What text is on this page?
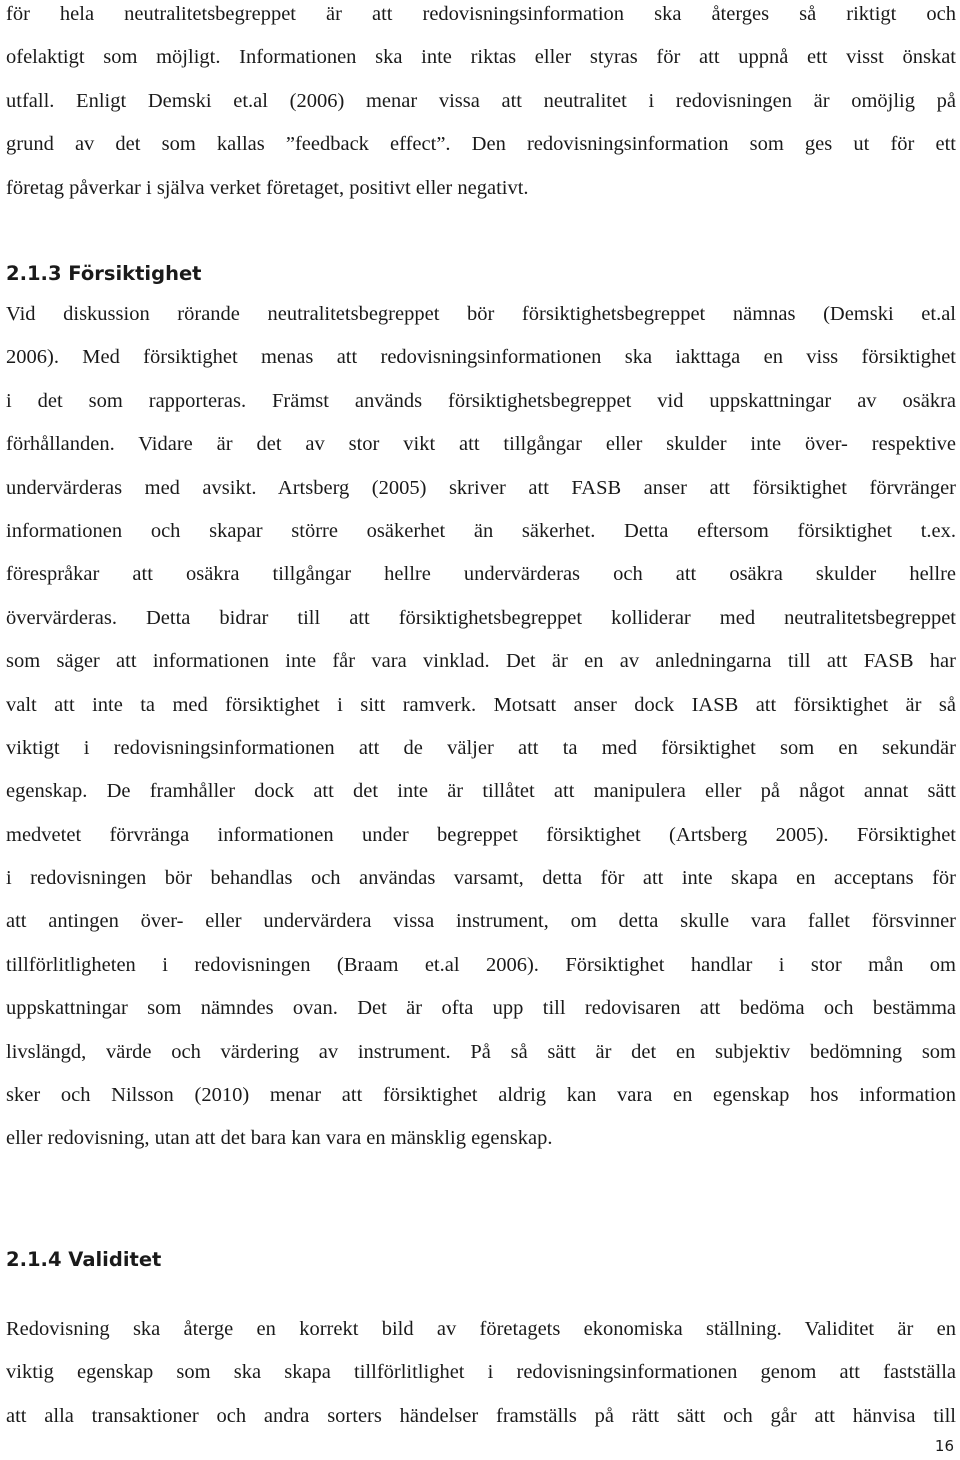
för hela neutralitetsbegreppet är att redovisningsinformation ska återges så riktigt och
ofelaktigt som möjligt. Informationen ska inte riktas eller styras för att uppnå ett visst önskat
utfall. Enligt Demski et.al (2006) menar vissa att neutralitet i redovisningen är omöjlig på
grund av det som kallas ”feedback effect”. Den redovisningsinformation som ges ut för ett
företag påverkar i själva verket företaget, positivt eller negativt.
2.1.3 Försiktighet
Vid diskussion rörande neutralitetsbegreppet bör försiktighetsbegreppet nämnas (Demski et.al
2006). Med försiktighet menas att redovisningsinformationen ska iakttaga en viss försiktighet
i det som rapporteras. Främst används försiktighetsbegreppet vid uppskattningar av osäkra
förhållanden. Vidare är det av stor vikt att tillgångar eller skulder inte över- respektive
undervärderas med avsikt. Artsberg (2005) skriver att FASB anser att försiktighet förvränger
informationen och skapar större osäkerhet än säkerhet. Detta eftersom försiktighet t.ex.
förespråkar att osäkra tillgångar hellre undervärderas och att osäkra skulder hellre
övervärderas. Detta bidrar till att försiktighetsbegreppet kolliderar med neutralitetsbegreppet
som säger att informationen inte får vara vinklad. Det är en av anledningarna till att FASB har
valt att inte ta med försiktighet i sitt ramverk. Motsatt anser dock IASB att försiktighet är så
viktigt i redovisningsinformationen att de väljer att ta med försiktighet som en sekundär
egenskap. De framhåller dock att det inte är tillåtet att manipulera eller på något annat sätt
medvetet förvränga informationen under begreppet försiktighet (Artsberg 2005). Försiktighet
i redovisningen bör behandlas och användas varsamt, detta för att inte skapa en acceptans för
att antingen över- eller undervärdera vissa instrument, om detta skulle vara fallet försvinner
tillförlitligheten i redovisningen (Braam et.al 2006). Försiktighet handlar i stor mån om
uppskattningar som nämndes ovan. Det är ofta upp till redovisaren att bedöma och bestämma
livslängd, värde och värdering av instrument. På så sätt är det en subjektiv bedömning som
sker och Nilsson (2010) menar att försiktighet aldrig kan vara en egenskap hos information
eller redovisning, utan att det bara kan vara en mänsklig egenskap.
2.1.4 Validitet
Redovisning ska återge en korrekt bild av företagets ekonomiska ställning. Validitet är en
viktig egenskap som ska skapa tillförlitlighet i redovisningsinformationen genom att fastställa
att alla transaktioner och andra sorters händelser framställs på rätt sätt och går att hänvisa till
16
